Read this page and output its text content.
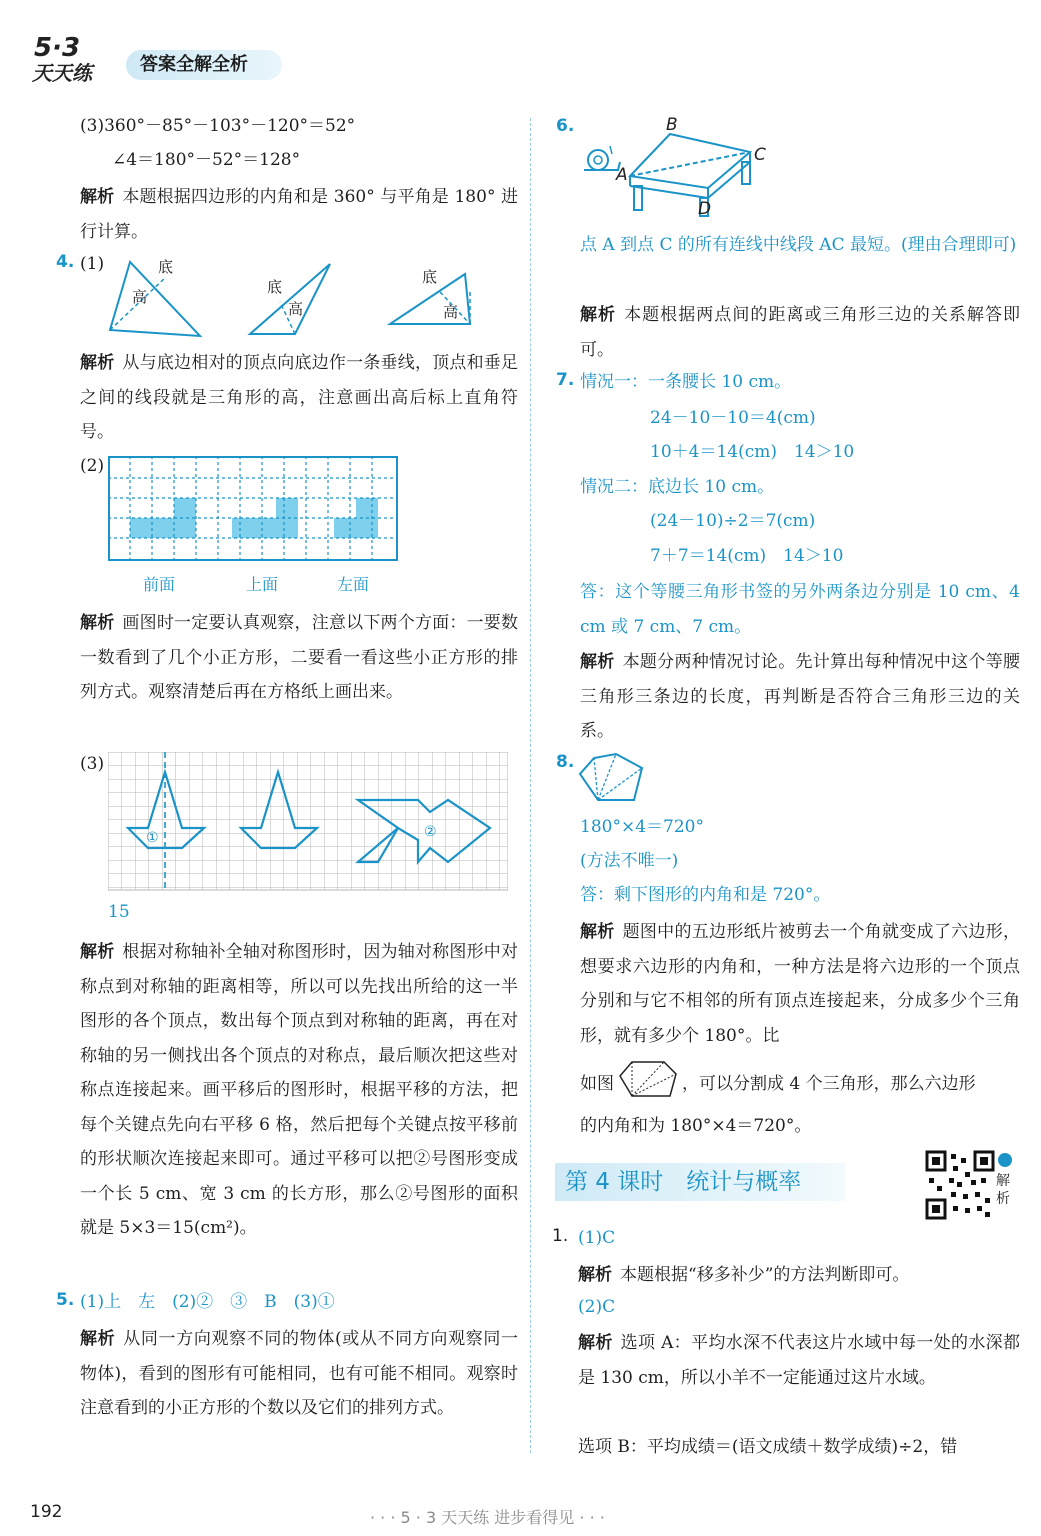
5·3
天天练	答案全解全析
(3)360°－85°－103°－120°＝52°
∠4＝180°－52°＝128°
解析 本题根据四边形的内角和是 360° 与平角是 180° 进行计算。
4. (1)	底
高
底
高
底
高
解析 从与底边相对的顶点向底边作一条垂线，顶点和垂足之间的线段就是三角形的高，注意画出高后标上直角符号。
(2)
前面	上面	左面
解析 画图时一定要认真观察，注意以下两个方面：一要数一数看到了几个小正方形，二要看一看这些小正方形的排列方式。观察清楚后再在方格纸上画出来。
(3)
①	②
15
解析 根据对称轴补全轴对称图形时，因为轴对称图形中对称点到对称轴的距离相等，所以可以先找出所给的这一半图形的各个顶点，数出每个顶点到对称轴的距离，再在对称轴的另一侧找出各个顶点的对称点，最后顺次把这些对称点连接起来。画平移后的图形时，根据平移的方法，把每个关键点先向右平移 6 格，然后把每个关键点按平移前的形状顺次连接起来即可。通过平移可以把②号图形变成一个长 5 cm、宽 3 cm 的长方形，那么②号图形的面积就是 5×3＝15(cm²)。
5. (1)上　左　(2)②　③　B　(3)①
解析 从同一方向观察不同的物体(或从不同方向观察同一物体)，看到的图形有可能相同，也有可能不相同。观察时注意看到的小正方形的个数以及它们的排列方式。
6.	B
C
A
D
点 A 到点 C 的所有连线中线段 AC 最短。(理由合理即可)
解析 本题根据两点间的距离或三角形三边的关系解答即可。
7. 情况一：一条腰长 10 cm。
24－10－10＝4(cm)
10＋4＝14(cm)　14＞10
情况二：底边长 10 cm。
(24－10)÷2＝7(cm)
7＋7＝14(cm)　14＞10
答：这个等腰三角形书签的另外两条边分别是 10 cm、4 cm 或 7 cm、7 cm。
解析 本题分两种情况讨论。先计算出每种情况中这个等腰三角形三条边的长度，再判断是否符合三角形三边的关系。
8.
180°×4＝720°
(方法不唯一)
答：剩下图形的内角和是 720°。
解析 题图中的五边形纸片被剪去一个角就变成了六边形，想要求六边形的内角和，一种方法是将六边形的一个顶点分别和与它不相邻的所有顶点连接起来，分成多少个三角形，就有多少个 180°。比
如图	，可以分割成 4 个三角形，那么六边形
的内角和为 180°×4＝720°。
第 4 课时　统计与概率	解析
1. (1)C
解析 本题根据“移多补少”的方法判断即可。
(2)C
解析 选项 A：平均水深不代表这片水域中每一处的水深都是 130 cm，所以小羊不一定能通过这片水域。
选项 B：平均成绩＝(语文成绩＋数学成绩)÷2，错
192	· · · 5 · 3 天天练 进步看得见 · · ·
